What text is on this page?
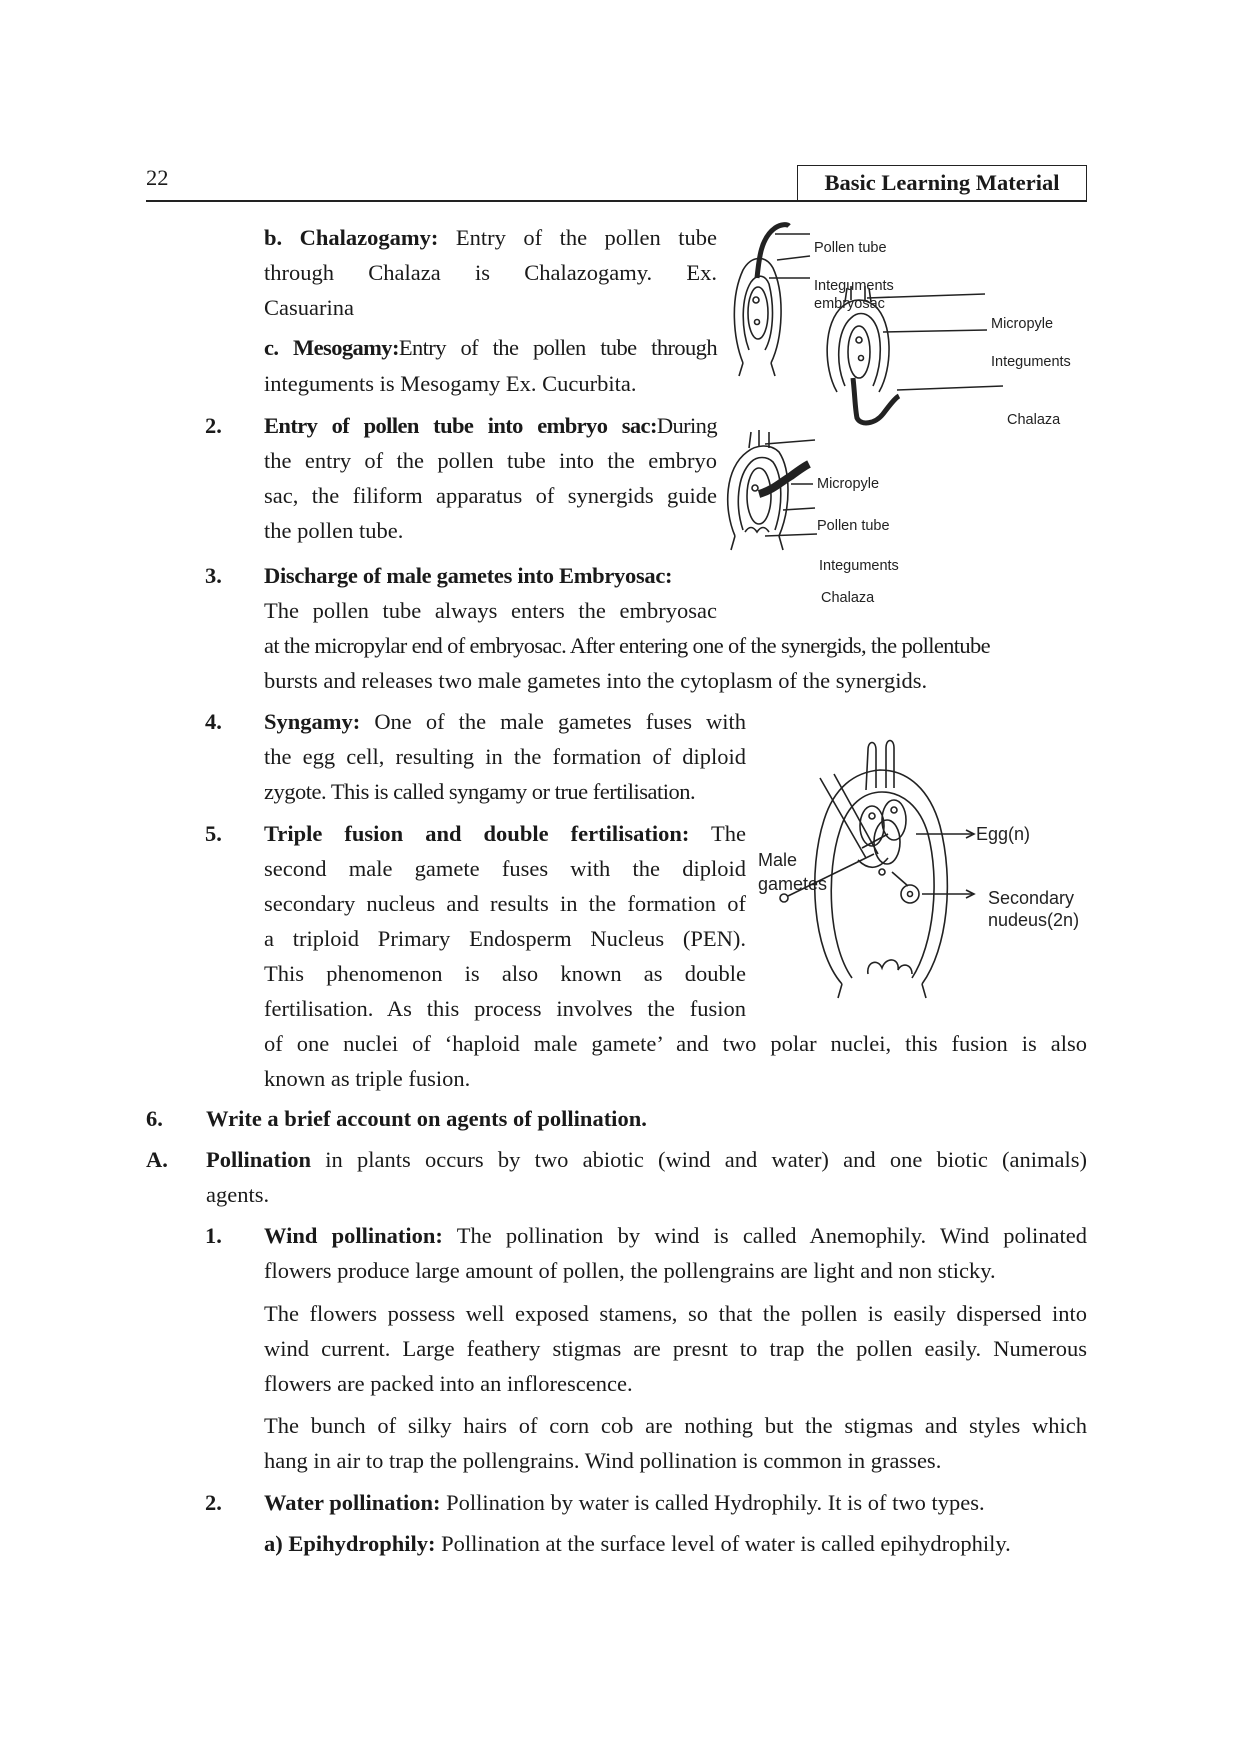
22	Basic Learning Material
b. Chalazogamy: Entry of the pollen tube
through Chalaza is Chalazogamy. Ex.
Casuarina
c. Mesogamy:Entry of the pollen tube through
integuments is Mesogamy Ex. Cucurbita.
2. Entry of pollen tube into embryo sac:During
the entry of the pollen tube into the embryo
sac, the filiform apparatus of synergids guide
the pollen tube.
3. Discharge of male gametes into Embryosac:
The pollen tube always enters the embryosac
at the micropylar end of embryosac. After entering one of the synergids, the pollentube
bursts and releases two male gametes into the cytoplasm of the synergids.
4. Syngamy: One of the male gametes fuses with
the egg cell, resulting in the formation of diploid
zygote. This is called syngamy or true fertilisation.
5. Triple fusion and double fertilisation: The
second male gamete fuses with the diploid
secondary nucleus and results in the formation of
a triploid Primary Endosperm Nucleus (PEN).
This phenomenon is also known as double
fertilisation. As this process involves the fusion
of one nuclei of ‘haploid male gamete’ and two polar nuclei, this fusion is also
known as triple fusion.
6. Write a brief account on agents of pollination.
A. Pollination in plants occurs by two abiotic (wind and water) and one biotic (animals)
agents.
1. Wind pollination: The pollination by wind is called Anemophily. Wind polinated
flowers produce large amount of pollen, the pollengrains are light and non sticky.
The flowers possess well exposed stamens, so that the pollen is easily dispersed into
wind current. Large feathery stigmas are presnt to trap the pollen easily. Numerous
flowers are packed into an inflorescence.
The bunch of silky hairs of corn cob are nothing but the stigmas and styles which
hang in air to trap the pollengrains. Wind pollination is common in grasses.
2. Water pollination: Pollination by water is called Hydrophily. It is of two types.
a) Epihydrophily: Pollination at the surface level of water is called epihydrophily.
Pollen tube
Integuments
embryosac
Micropyle
Integuments
Chalaza
Micropyle
Pollen tube
Integuments
Chalaza
Egg(n)
Male
gametes
Secondary
nudeus(2n)
